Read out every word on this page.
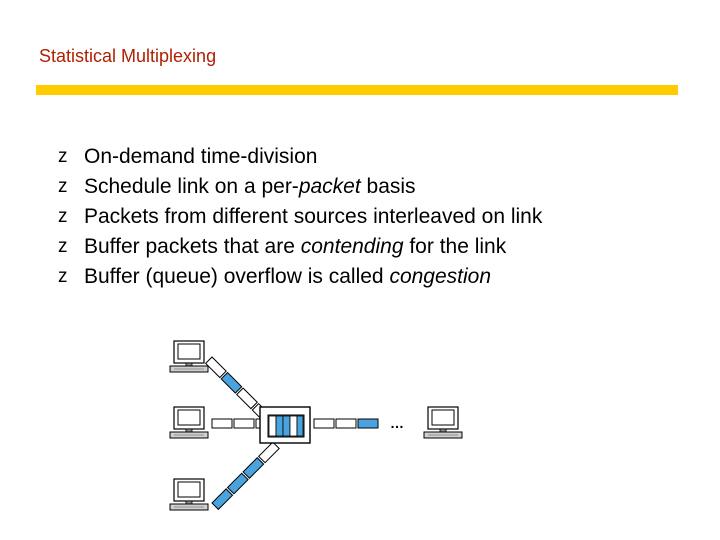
Statistical Multiplexing
z On-demand time-division
z Schedule link on a per-packet basis
z Packets from different sources interleaved on link
z Buffer packets that are contending for the link
z Buffer (queue) overflow is called congestion
…
